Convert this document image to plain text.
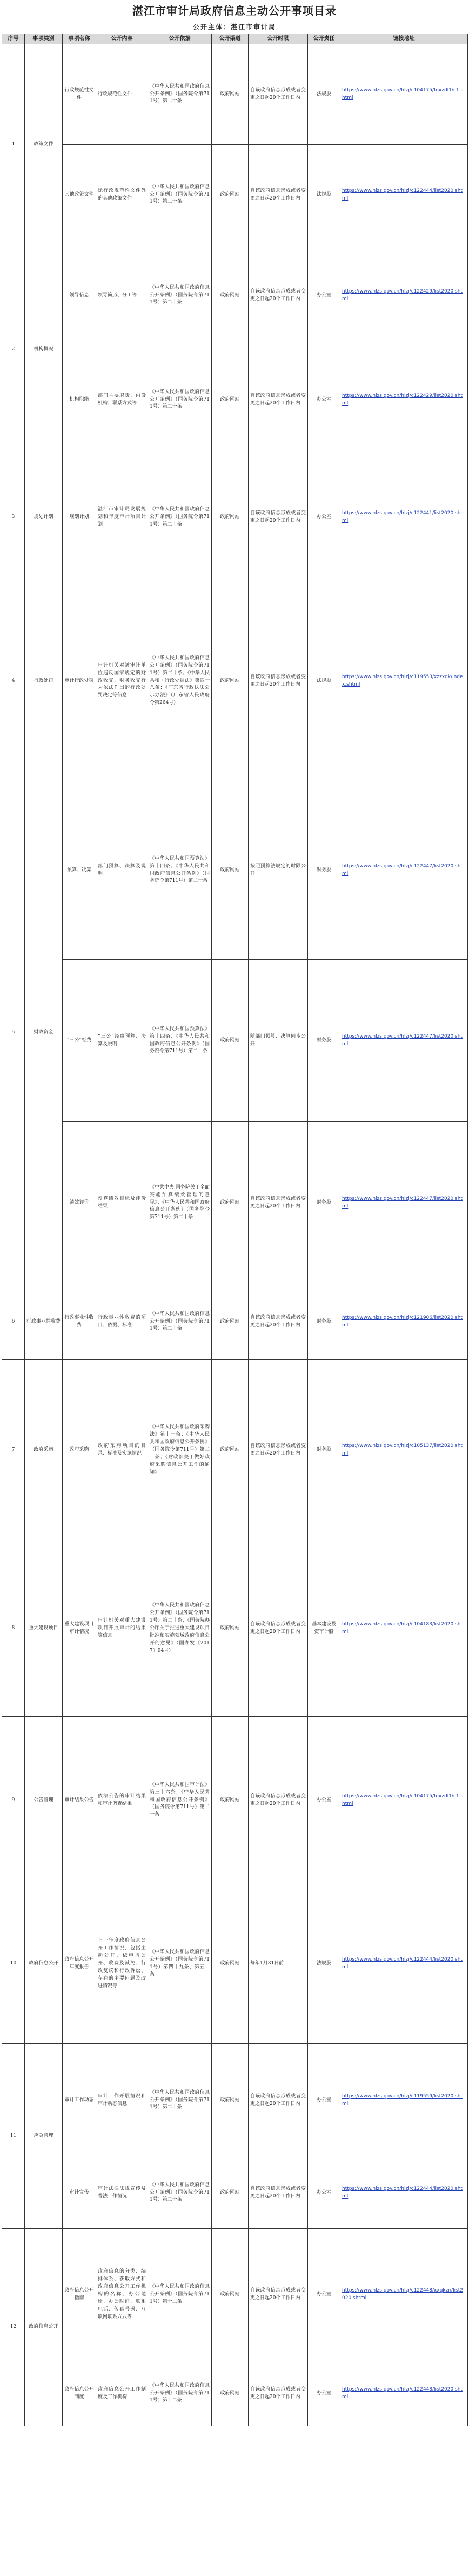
湛江市审计局政府信息主动公开事项目录
公开主体：湛江市审计局
序号	事项类别	事项名称	公开内容	公开依据	公开渠道	公开时限	公开责任	链接地址
1	政策文件	行政规范性文件	行政规范性文件	《中华人民共和国政府信息公开条例》（国务院令第711号）第二十条	政府网站	自该政府信息形成或者变更之日起20个工作日内	法规股	https://www.hlzs.gov.cn/hlzj/c104175/fgxzdl1/c1.shtml
		其他政策文件	除行政规范性文件外的其他政策文件	《中华人民共和国政府信息公开条例》（国务院令第711号）第二十条	政府网站	自该政府信息形成或者变更之日起20个工作日内	法规股	https://www.hlzs.gov.cn/hlzj/c122444/list2020.shtml
2	机构概况	领导信息	领导简历、分工等	《中华人民共和国政府信息公开条例》（国务院令第711号）第二十条	政府网站	自该政府信息形成或者变更之日起20个工作日内	办公室	https://www.hlzs.gov.cn/hlzj/c122429/list2020.shtml
		机构职能	部门主要职责、内设机构、联系方式等	《中华人民共和国政府信息公开条例》（国务院令第711号）第二十条	政府网站	自该政府信息形成或者变更之日起20个工作日内	办公室	https://www.hlzs.gov.cn/hlzj/c122429/list2020.shtml
3	规划计划	规划计划	湛江市审计局发展规划和年度审计项目计划	《中华人民共和国政府信息公开条例》（国务院令第711号）第二十条	政府网站	自该政府信息形成或者变更之日起20个工作日内	办公室	https://www.hlzs.gov.cn/hlzj/c122441/list2020.shtml
4	行政处罚	审计行政处罚	审计机关对被审计单位违反国家规定的财政收支、财务收支行为依法作出的行政处罚决定等信息	《中华人民共和国政府信息公开条例》（国务院令第711号）第二十条；《中华人民共和国行政处罚法》第四十八条；《广东省行政执法公示办法》（广东省人民政府令第264号）	政府网站	自该政府信息形成或者变更之日起20个工作日内	法规股	https://www.hlzs.gov.cn/hlzj/c119553/xzzxgk/index.shtml
5	财政资金	预算、决算	部门预算、决算及说明	《中华人民共和国预算法》第十四条；《中华人民共和国政府信息公开条例》（国务院令第711号）第二十条	政府网站	按照预算法规定的时限公开	财务股	https://www.hlzs.gov.cn/hlzj/c122447/list2020.shtml
		“三公”经费	“三公”经费预算、决算及说明	《中华人民共和国预算法》第十四条；《中华人民共和国政府信息公开条例》（国务院令第711号）第二十条	政府网站	随部门预算、决算同步公开	财务股	https://www.hlzs.gov.cn/hlzj/c122447/list2020.shtml
		绩效评价	预算绩效目标及评价结果	《中共中央 国务院关于全面实施预算绩效管理的意见》；《中华人民共和国政府信息公开条例》（国务院令第711号）第二十条	政府网站	自该政府信息形成或者变更之日起20个工作日内	财务股	https://www.hlzs.gov.cn/hlzj/c122447/list2020.shtml
6	行政事业性收费	行政事业性收费	行政事业性收费的项目、依据、标准	《中华人民共和国政府信息公开条例》（国务院令第711号）第二十条	政府网站	自该政府信息形成或者变更之日起20个工作日内	财务股	https://www.hlzs.gov.cn/hlzj/c121906/list2020.shtml
7	政府采购	政府采购	政府采购项目的目录、标准及实施情况	《中华人民共和国政府采购法》第十一条；《中华人民共和国政府信息公开条例》（国务院令第711号）第二十条；《财政部关于做好政府采购信息公开工作的通知》	政府网站	自该政府信息形成或者变更之日起20个工作日内	财务股	https://www.hlzs.gov.cn/hlzj/c105137/list2020.shtml
8	重大建设项目	重大建设项目审计情况	审计机关对重大建设项目开展审计的结果等信息	《中华人民共和国政府信息公开条例》（国务院令第711号）第二十条；《国务院办公厅关于推进重大建设项目批准和实施领域政府信息公开的意见》（国办发〔2017〕94号）	政府网站	自该政府信息形成或者变更之日起20个工作日内	基本建设投资审计股	https://www.hlzs.gov.cn/hlzj/c104183/list2020.shtml
9	公告管理	审计结果公告	依法公告的审计结果和审计调查结果	《中华人民共和国审计法》第三十六条；《中华人民共和国政府信息公开条例》（国务院令第711号）第二十条	政府网站	自该政府信息形成或者变更之日起20个工作日内	办公室	https://www.hlzs.gov.cn/hlzj/c104175/fgxzdl1/c1.shtml
10	政府信息公开	政府信息公开年度报告	上一年度政府信息公开工作情况，包括主动公开、依申请公开、收费及减免、行政复议和行政诉讼、存在的主要问题及改进情况等	《中华人民共和国政府信息公开条例》（国务院令第711号）第四十九条、第五十条	政府网站	每年1月31日前	法规股	https://www.hlzs.gov.cn/hlzj/c122444/list2020.shtml
11	应急管理	审计工作动态	审计工作开展情况和审计动态信息	《中华人民共和国政府信息公开条例》（国务院令第711号）第二十条	政府网站	自该政府信息形成或者变更之日起20个工作日内	办公室	https://www.hlzs.gov.cn/hlzj/c119559/list2020.shtml
		审计宣传	审计法律法规宣传及普法工作情况	《中华人民共和国政府信息公开条例》（国务院令第711号）第二十条	政府网站	自该政府信息形成或者变更之日起20个工作日内	办公室	https://www.hlzs.gov.cn/hlzj/c122444/list2020.shtml
12	政府信息公开	政府信息公开指南	政府信息的分类、编排体系、获取方式和政府信息公开工作机构的名称、办公地址、办公时间、联系电话、传真号码、互联网联系方式等	《中华人民共和国政府信息公开条例》（国务院令第711号）第十二条	政府网站	自该政府信息形成或者变更之日起20个工作日内	办公室	https://www.hlzs.gov.cn/hlzj/c122448/xxgkzn/list2020.shtml
		政府信息公开制度	政府信息公开工作制度及工作机构	《中华人民共和国政府信息公开条例》（国务院令第711号）第十二条	政府网站	自该政府信息形成或者变更之日起20个工作日内	办公室	https://www.hlzs.gov.cn/hlzj/c122448/list2020.shtml
